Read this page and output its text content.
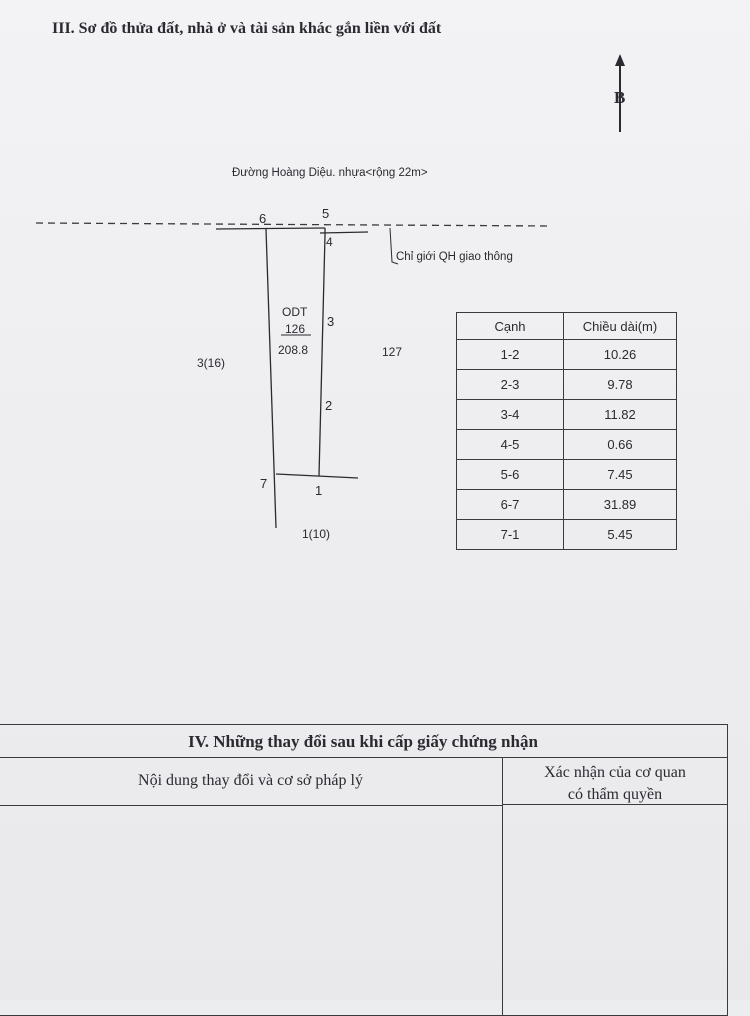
III. Sơ đồ thửa đất, nhà ở và tài sản khác gắn liền với đất
B
Đường Hoàng Diệu. nhựa<rộng 22m>
Chỉ giới QH giao thông
6	5
4
3
2
1
7
ODT
126
208.8
3(16)
127
1(10)
Cạnh	Chiều dài(m)
1-2	10.26
2-3	9.78
3-4	11.82
4-5	0.66
5-6	7.45
6-7	31.89
7-1	5.45
IV. Những thay đổi sau khi cấp giấy chứng nhận
Nội dung thay đổi và cơ sở pháp lý	Xác nhận của cơ quan
có thẩm quyền
